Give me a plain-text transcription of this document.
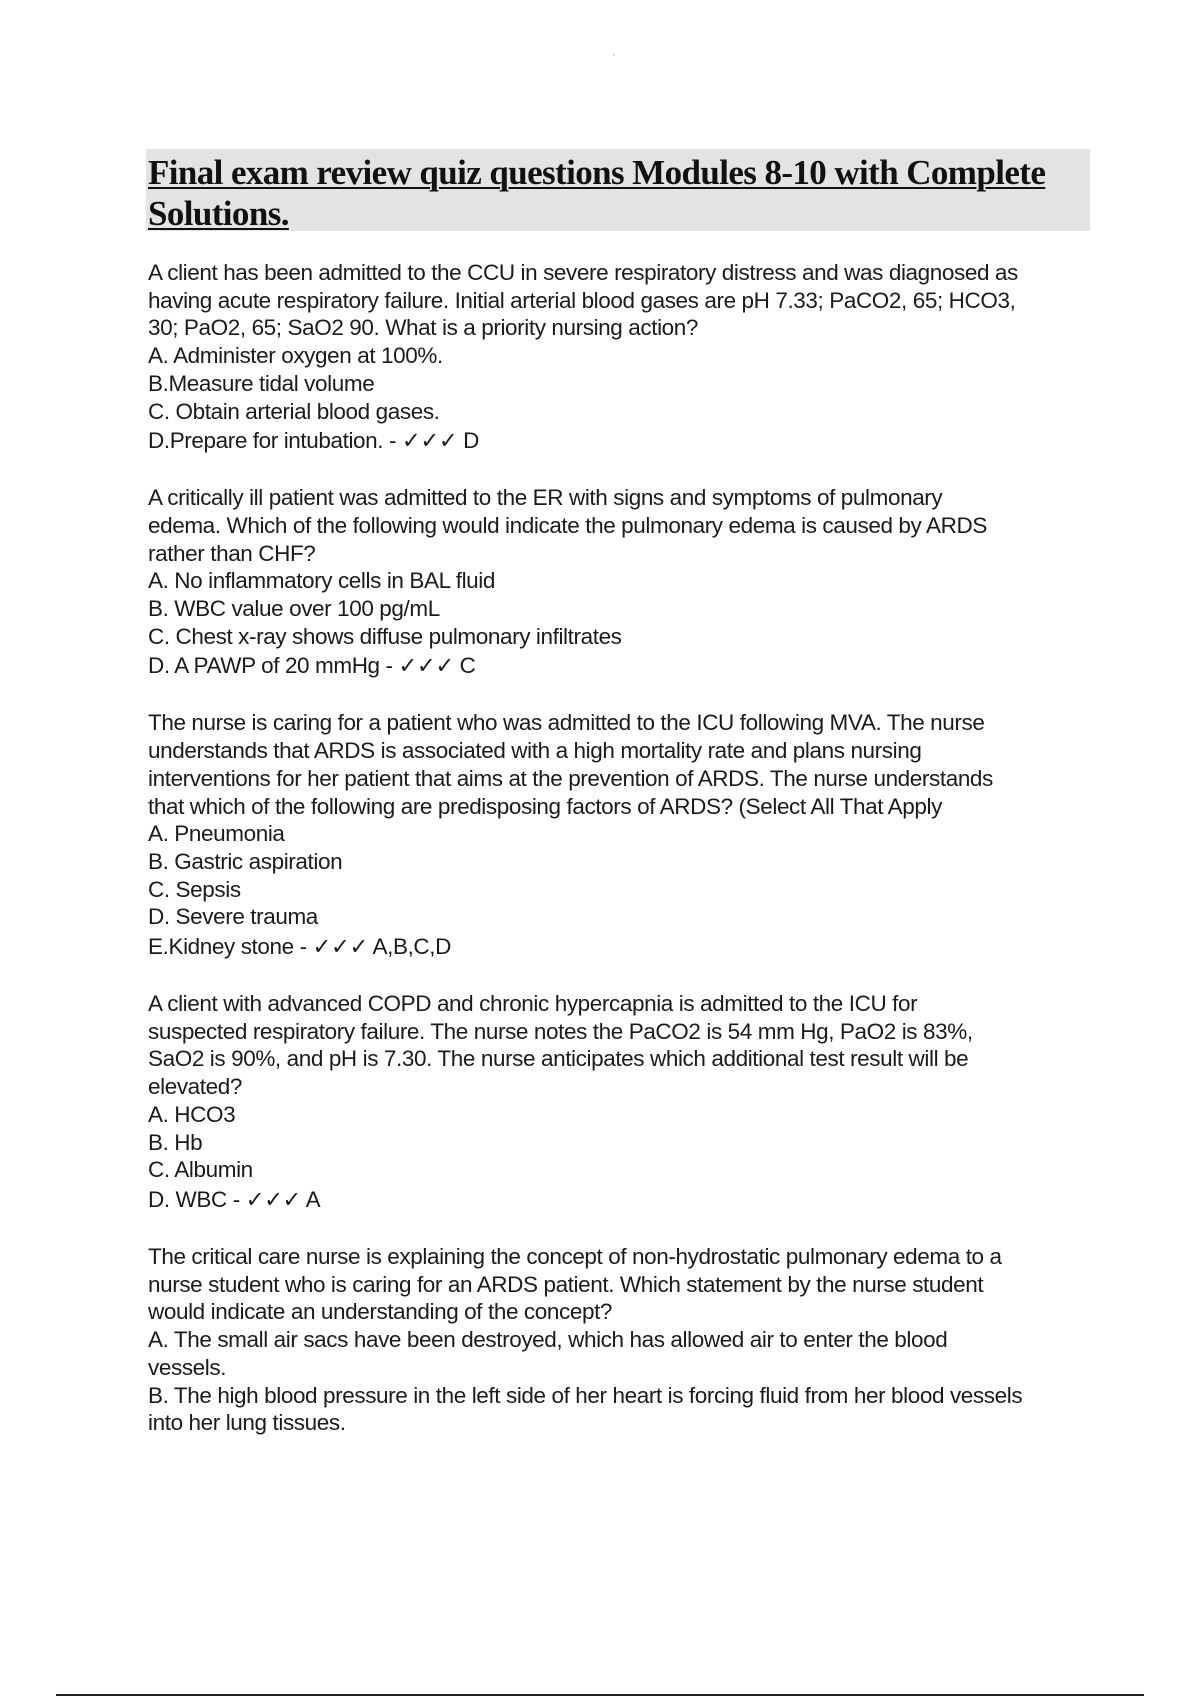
Final exam review quiz questions Modules 8-10 with Complete Solutions.

A client has been admitted to the CCU in severe respiratory distress and was diagnosed as

having acute respiratory failure. Initial arterial blood gases are pH 7.33; PaCO2, 65; HCO3,

30; PaO2, 65; SaO2 90. What is a priority nursing action?

A. Administer oxygen at 100%.

B.Measure tidal volume

C. Obtain arterial blood gases.

D.Prepare for intubation. - ✓✓✓ D

A critically ill patient was admitted to the ER with signs and symptoms of pulmonary

edema. Which of the following would indicate the pulmonary edema is caused by ARDS

rather than CHF?

A. No inflammatory cells in BAL fluid

B. WBC value over 100 pg/mL

C. Chest x-ray shows diffuse pulmonary infiltrates

D. A PAWP of 20 mmHg - ✓✓✓ C

The nurse is caring for a patient who was admitted to the ICU following MVA. The nurse

understands that ARDS is associated with a high mortality rate and plans nursing

interventions for her patient that aims at the prevention of ARDS. The nurse understands

that which of the following are predisposing factors of ARDS? (Select All That Apply

A. Pneumonia

B. Gastric aspiration

C. Sepsis

D. Severe trauma

E.Kidney stone - ✓✓✓ A,B,C,D

A client with advanced COPD and chronic hypercapnia is admitted to the ICU for

suspected respiratory failure. The nurse notes the PaCO2 is 54 mm Hg, PaO2 is 83%,

SaO2 is 90%, and pH is 7.30. The nurse anticipates which additional test result will be

elevated?

A. HCO3

B. Hb

C. Albumin

D. WBC - ✓✓✓ A

The critical care nurse is explaining the concept of non-hydrostatic pulmonary edema to a

nurse student who is caring for an ARDS patient. Which statement by the nurse student

would indicate an understanding of the concept?

A. The small air sacs have been destroyed, which has allowed air to enter the blood

vessels.

B. The high blood pressure in the left side of her heart is forcing fluid from her blood vessels

into her lung tissues.
